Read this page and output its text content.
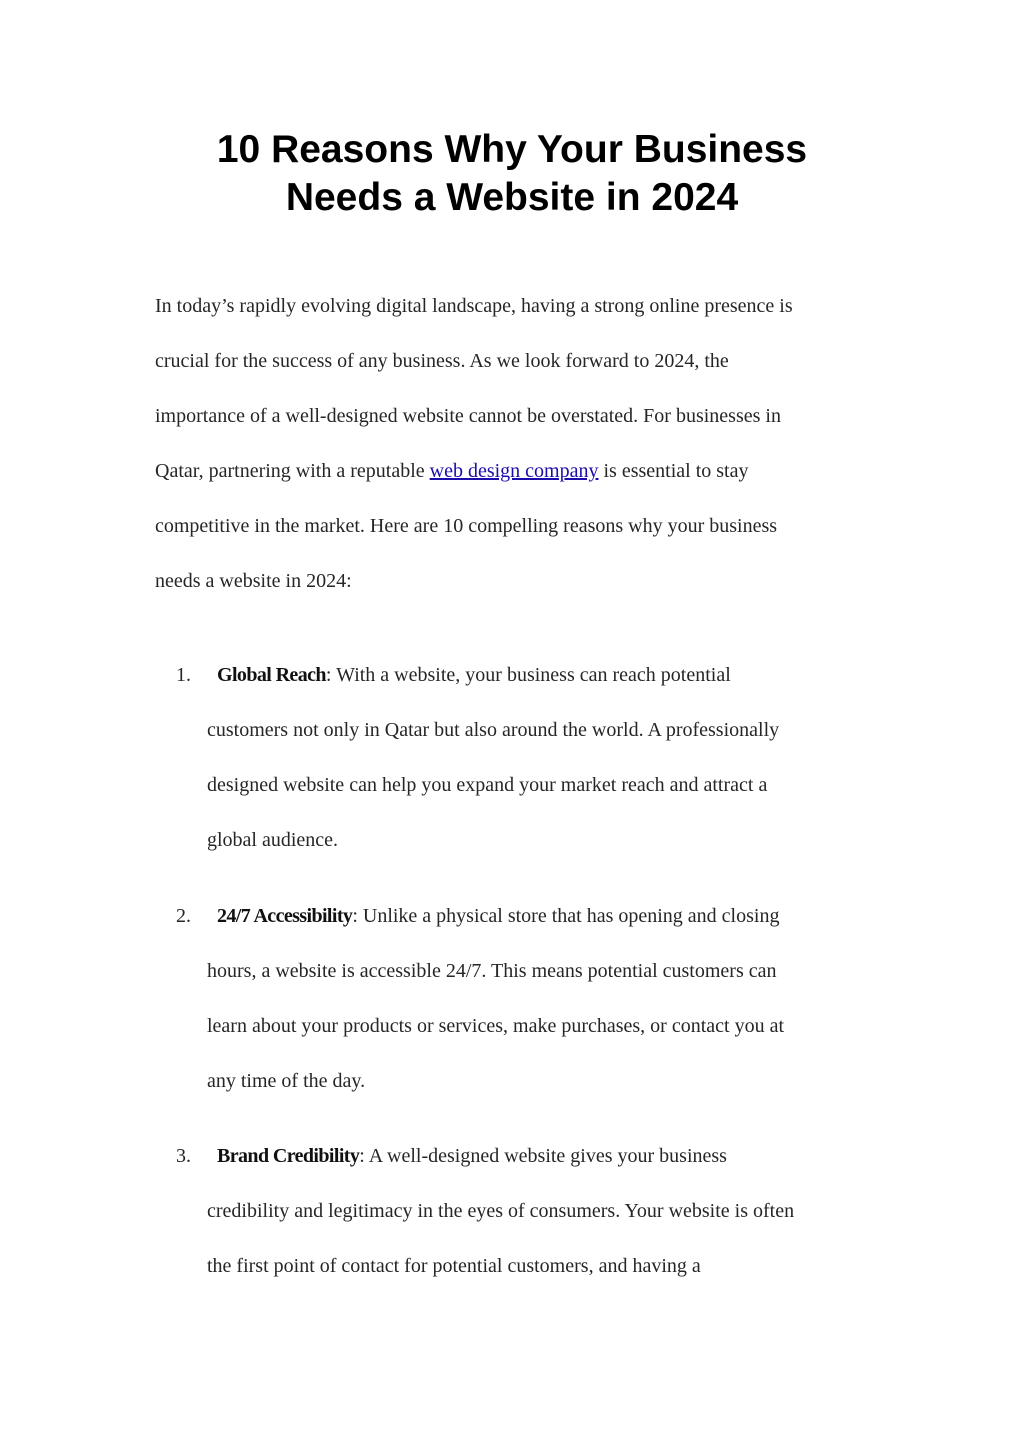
10 Reasons Why Your Business
Needs a Website in 2024
In today’s rapidly evolving digital landscape, having a strong online presence is
crucial for the success of any business. As we look forward to 2024, the
importance of a well-designed website cannot be overstated. For businesses in
Qatar, partnering with a reputable web design company is essential to stay
competitive in the market. Here are 10 compelling reasons why your business
needs a website in 2024:
1.	Global Reach: With a website, your business can reach potential
customers not only in Qatar but also around the world. A professionally
designed website can help you expand your market reach and attract a
global audience.
2.	24/7 Accessibility: Unlike a physical store that has opening and closing
hours, a website is accessible 24/7. This means potential customers can
learn about your products or services, make purchases, or contact you at
any time of the day.
3.	Brand Credibility: A well-designed website gives your business
credibility and legitimacy in the eyes of consumers. Your website is often
the first point of contact for potential customers, and having a
